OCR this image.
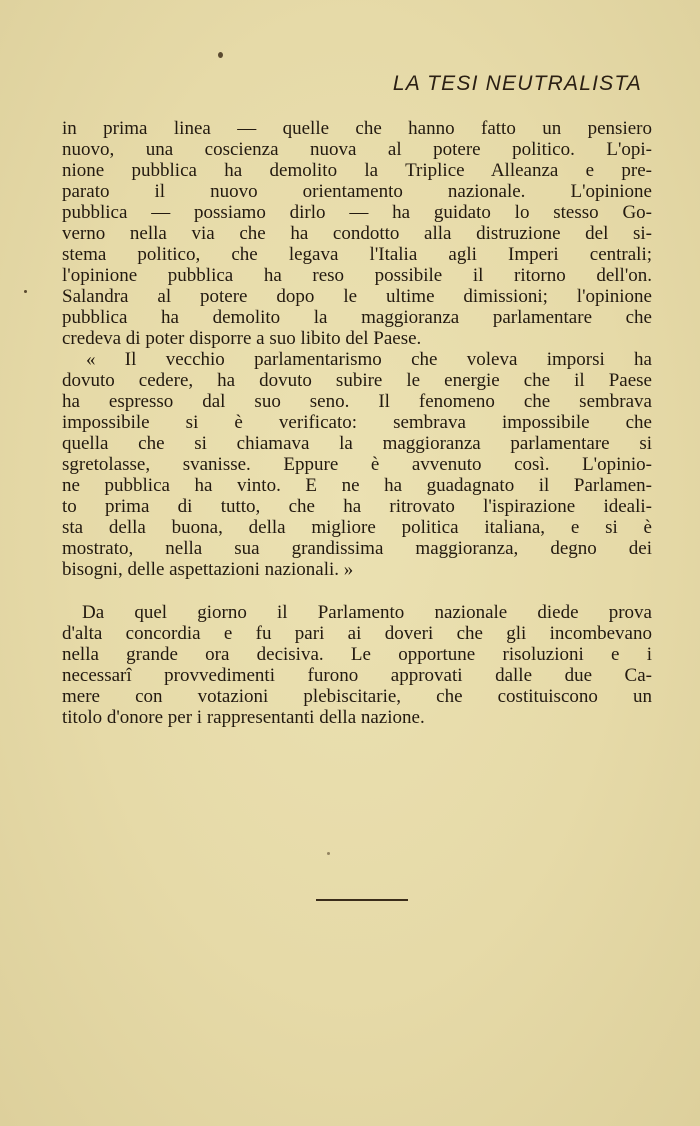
LA TESI NEUTRALISTA
in prima linea — quelle che hanno fatto un pensiero
nuovo, una coscienza nuova al potere politico. L'opi-
nione pubblica ha demolito la Triplice Alleanza e pre-
parato il nuovo orientamento nazionale. L'opinione
pubblica — possiamo dirlo — ha guidato lo stesso Go-
verno nella via che ha condotto alla distruzione del si-
stema politico, che legava l'Italia agli Imperi centrali;
l'opinione pubblica ha reso possibile il ritorno dell'on.
Salandra al potere dopo le ultime dimissioni; l'opinione
pubblica ha demolito la maggioranza parlamentare che
credeva di poter disporre a suo libito del Paese.
« Il vecchio parlamentarismo che voleva imporsi ha
dovuto cedere, ha dovuto subire le energie che il Paese
ha espresso dal suo seno. Il fenomeno che sembrava
impossibile si è verificato: sembrava impossibile che
quella che si chiamava la maggioranza parlamentare si
sgretolasse, svanisse. Eppure è avvenuto così. L'opinio-
ne pubblica ha vinto. E ne ha guadagnato il Parlamen-
to prima di tutto, che ha ritrovato l'ispirazione ideali-
sta della buona, della migliore politica italiana, e si è
mostrato, nella sua grandissima maggioranza, degno dei
bisogni, delle aspettazioni nazionali. »
Da quel giorno il Parlamento nazionale diede prova
d'alta concordia e fu pari ai doveri che gli incombevano
nella grande ora decisiva. Le opportune risoluzioni e i
necessarî provvedimenti furono approvati dalle due Ca-
mere con votazioni plebiscitarie, che costituiscono un
titolo d'onore per i rappresentanti della nazione.
